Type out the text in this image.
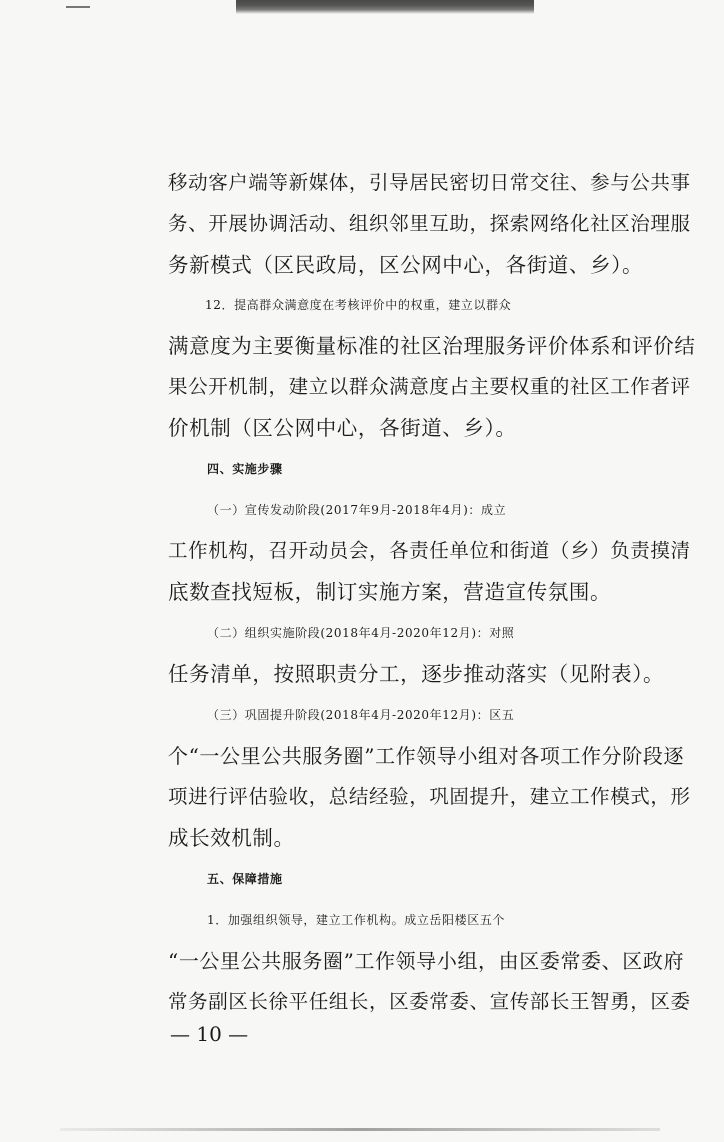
移动客户端等新媒体，引导居民密切日常交往、参与公共事
务、开展协调活动、组织邻里互助，探索网络化社区治理服
务新模式（区民政局，区公网中心，各街道、乡）。
12．提高群众满意度在考核评价中的权重，建立以群众
满意度为主要衡量标准的社区治理服务评价体系和评价结
果公开机制，建立以群众满意度占主要权重的社区工作者评
价机制（区公网中心，各街道、乡）。
四、实施步骤
（一）宣传发动阶段(2017年9月-2018年4月)：成立
工作机构，召开动员会，各责任单位和街道（乡）负责摸清
底数查找短板，制订实施方案，营造宣传氛围。
（二）组织实施阶段(2018年4月-2020年12月)：对照
任务清单，按照职责分工，逐步推动落实（见附表）。
（三）巩固提升阶段(2018年4月-2020年12月)：区五
个“一公里公共服务圈”工作领导小组对各项工作分阶段逐
项进行评估验收，总结经验，巩固提升，建立工作模式，形
成长效机制。
五、保障措施
1．加强组织领导，建立工作机构。成立岳阳楼区五个
“一公里公共服务圈”工作领导小组，由区委常委、区政府
常务副区长徐平任组长，区委常委、宣传部长王智勇，区委
— 10 —
